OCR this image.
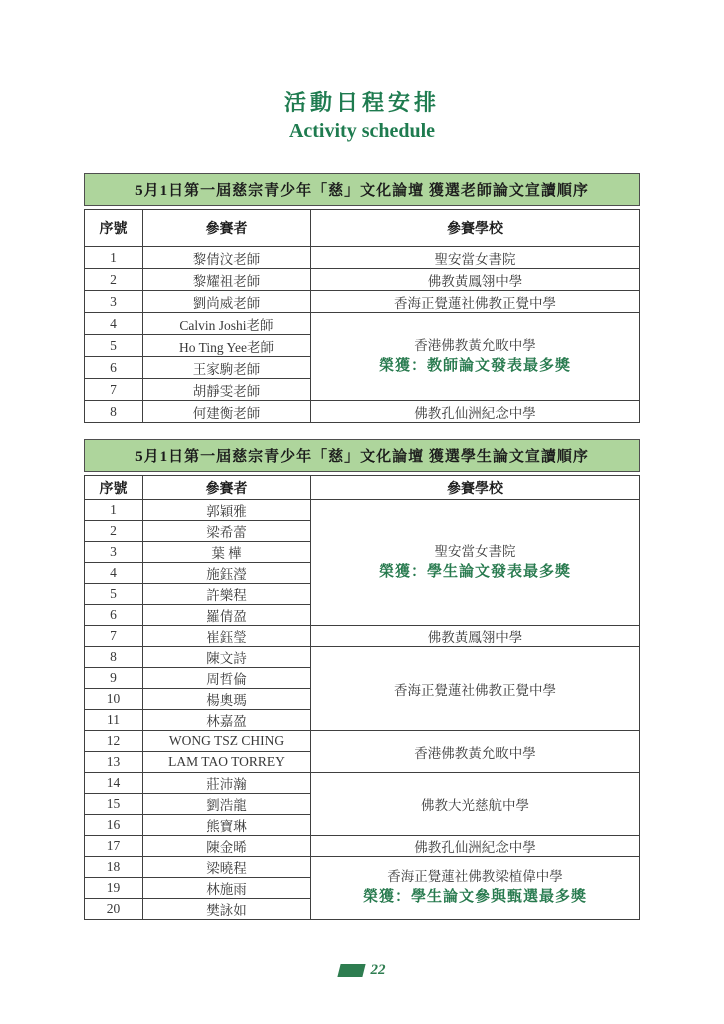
活動日程安排
Activity schedule
5月1日第一屆慈宗青少年「慈」文化論壇 獲選老師論文宣讀順序
序號	參賽者	參賽學校
1	黎倩汶老師	聖安當女書院
2	黎耀祖老師	佛教黃鳳翎中學
3	劉尚威老師	香海正覺蓮社佛教正覺中學
4	Calvin Joshi老師	香港佛教黃允畋中學
榮獲：教師論文發表最多獎

5	Ho Ting Yee老師	
6	王家駒老師	
7	胡靜雯老師	
8	何建衡老師	佛教孔仙洲紀念中學
5月1日第一屆慈宗青少年「慈」文化論壇 獲選學生論文宣讀順序
序號	參賽者	參賽學校
1	郭穎雅	聖安當女書院
榮獲：學生論文發表最多獎

2	梁希蕾	
3	葉 樺	
4	施鈺瀅	
5	許樂程	
6	羅倩盈	
7	崔鈺瑩	佛教黃鳳翎中學
8	陳文詩	香海正覺蓮社佛教正覺中學
9	周哲倫	
10	楊奧瑪	
11	林嘉盈	
12	WONG TSZ CHING	香港佛教黃允畋中學
13	LAM TAO TORREY	
14	莊沛瀚	佛教大光慈航中學
15	劉浩龍	
16	熊寶琳	
17	陳金晞	佛教孔仙洲紀念中學
18	梁曉程	香海正覺蓮社佛教梁植偉中學
榮獲：學生論文參與甄選最多獎

19	林施雨	
20	樊詠如	
22
